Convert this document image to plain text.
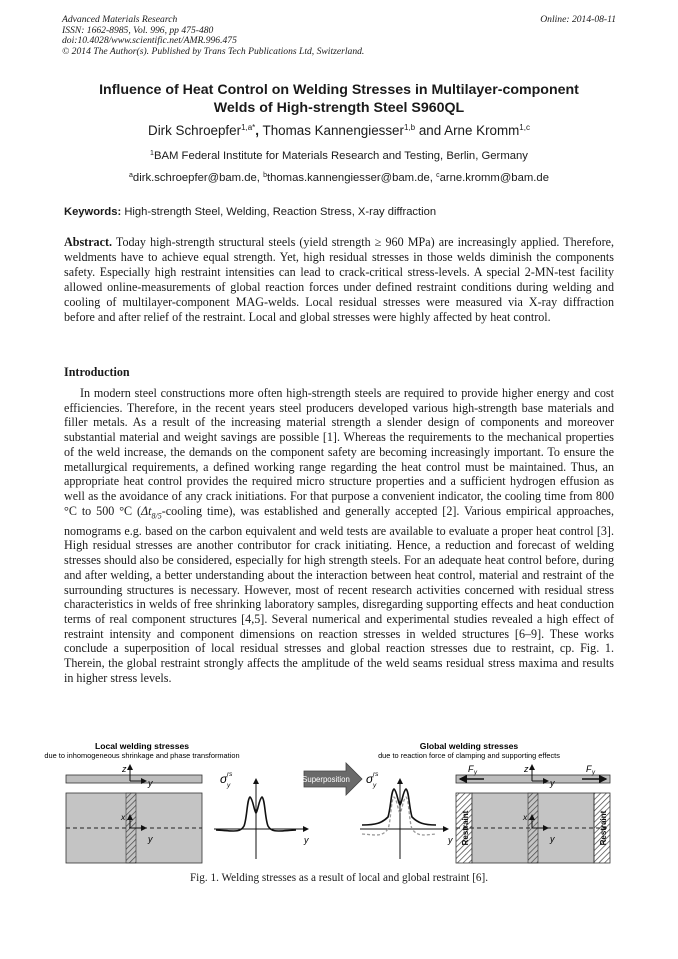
Advanced Materials Research
ISSN: 1662-8985, Vol. 996, pp 475-480
doi:10.4028/www.scientific.net/AMR.996.475
© 2014 The Author(s). Published by Trans Tech Publications Ltd, Switzerland.
Online: 2014-08-11
Influence of Heat Control on Welding Stresses in Multilayer-component
Welds of High-strength Steel S960QL
Dirk Schroepfer$^{1,a*}$, Thomas Kannengiesser$^{1,b}$ and Arne Kromm$^{1,c}$
$^1$BAM Federal Institute for Materials Research and Testing, Berlin, Germany
$^a$dirk.schroepfer@bam.de, $^b$thomas.kannengiesser@bam.de, $^c$arne.kromm@bam.de
Keywords: High-strength Steel, Welding, Reaction Stress, X-ray diffraction
Abstract. Today high-strength structural steels (yield strength ≥ 960 MPa) are increasingly applied. Therefore, weldments have to achieve equal strength. Yet, high residual stresses in those welds diminish the components safety. Especially high restraint intensities can lead to crack-critical stress-levels. A special 2-MN-test facility allowed online-measurements of global reaction forces under defined restraint conditions during welding and cooling of multilayer-component MAG-welds. Local residual stresses were measured via X-ray diffraction before and after relief of the restraint. Local and global stresses were highly affected by heat control.
Introduction
In modern steel constructions more often high-strength steels are required to provide higher energy and cost efficiencies. Therefore, in the recent years steel producers developed various high-strength base materials and filler metals. As a result of the increasing material strength a slender design of components and moreover substantial material and weight savings are possible [1]. Whereas the requirements to the mechanical properties of the weld increase, the demands on the component safety are becoming increasingly important. To ensure the metallurgical requirements, a defined working range regarding the heat control must be maintained. Thus, an appropriate heat control provides the required micro structure properties and a sufficient hydrogen effusion as well as the avoidance of any crack initiations. For that purpose a convenient indicator, the cooling time from 800 °C to 500 °C ($\Delta t_{8/5}$-cooling time), was established and generally accepted [2]. Various empirical approaches, nomograms e.g. based on the carbon equivalent and weld tests are available to evaluate a proper heat control [3]. High residual stresses are another contributor for crack initiating. Hence, a reduction and forecast of welding stresses should also be considered, especially for high strength steels. For an adequate heat control before, during and after welding, a better understanding about the interaction between heat control, material and restraint of the surrounding structures is necessary. However, most of recent research activities concerned with residual stress characteristics in welds of free shrinking laboratory samples, disregarding supporting effects and heat conduction terms of real component structures [4,5]. Several numerical and experimental studies revealed a high effect of restraint intensity and component dimensions on reaction stresses in welded structures [6–9]. These works conclude a superposition of local residual stresses and global reaction stresses due to restraint, cp. Fig. 1. Therein, the global restraint strongly affects the amplitude of the weld seams residual stress maxima and results in higher stress levels.
Local welding stresses
due to inhomogeneous shrinkage and phase transformation
Global welding stresses
due to reaction force of clamping and supporting effects
z
y
x
y
σ rs
y
y
Superposition σ rs
y
y
F y	F y
z
y
x
y
Restraint	Restraint
Fig. 1. Welding stresses as a result of local and global restraint [6].
